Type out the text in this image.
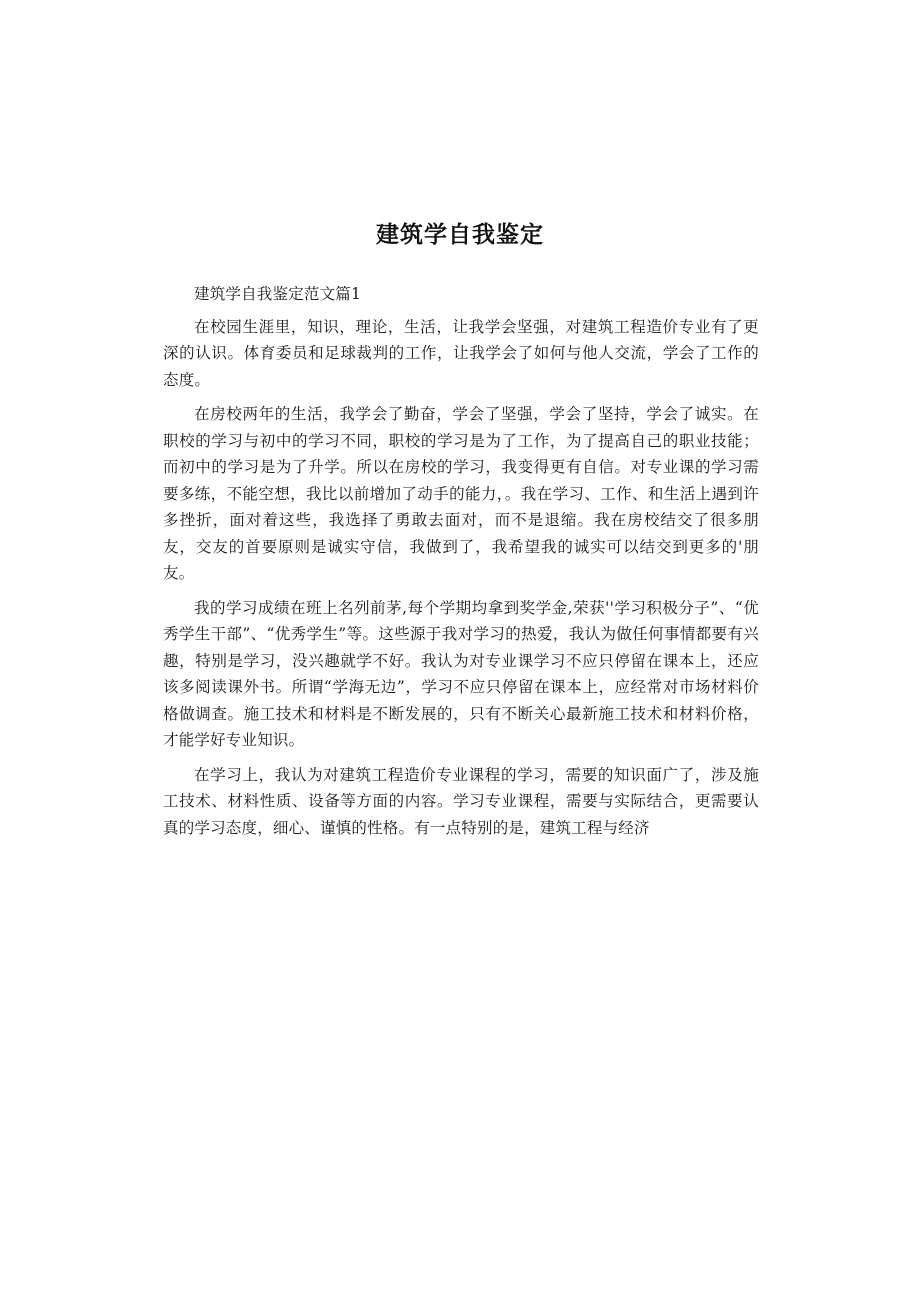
建筑学自我鉴定

建筑学自我鉴定范文篇1

在校园生涯里，知识，理论，生活，让我学会坚强，对建筑工程造价专业有了更深的认识。体育委员和足球裁判的工作，让我学会了如何与他人交流，学会了工作的态度。

在房校两年的生活，我学会了勤奋，学会了坚强，学会了坚持，学会了诚实。在职校的学习与初中的学习不同，职校的学习是为了工作，为了提高自己的职业技能；而初中的学习是为了升学。所以在房校的学习，我变得更有自信。对专业课的学习需要多练，不能空想，我比以前增加了动手的能力，。我在学习、工作、和生活上遇到许多挫折，面对着这些，我选择了勇敢去面对，而不是退缩。我在房校结交了很多朋友，交友的首要原则是诚实守信，我做到了，我希望我的诚实可以结交到更多的'朋友。

我的学习成绩在班上名列前茅,每个学期均拿到奖学金,荣获''学习积极分子”、“优秀学生干部”、“优秀学生”等。这些源于我对学习的热爱，我认为做任何事情都要有兴趣，特别是学习，没兴趣就学不好。我认为对专业课学习不应只停留在课本上，还应该多阅读课外书。所谓“学海无边”，学习不应只停留在课本上，应经常对市场材料价格做调查。施工技术和材料是不断发展的，只有不断关心最新施工技术和材料价格，才能学好专业知识。

在学习上，我认为对建筑工程造价专业课程的学习，需要的知识面广了，涉及施工技术、材料性质、设备等方面的内容。学习专业课程，需要与实际结合，更需要认真的学习态度，细心、谨慎的性格。有一点特别的是，建筑工程与经济
